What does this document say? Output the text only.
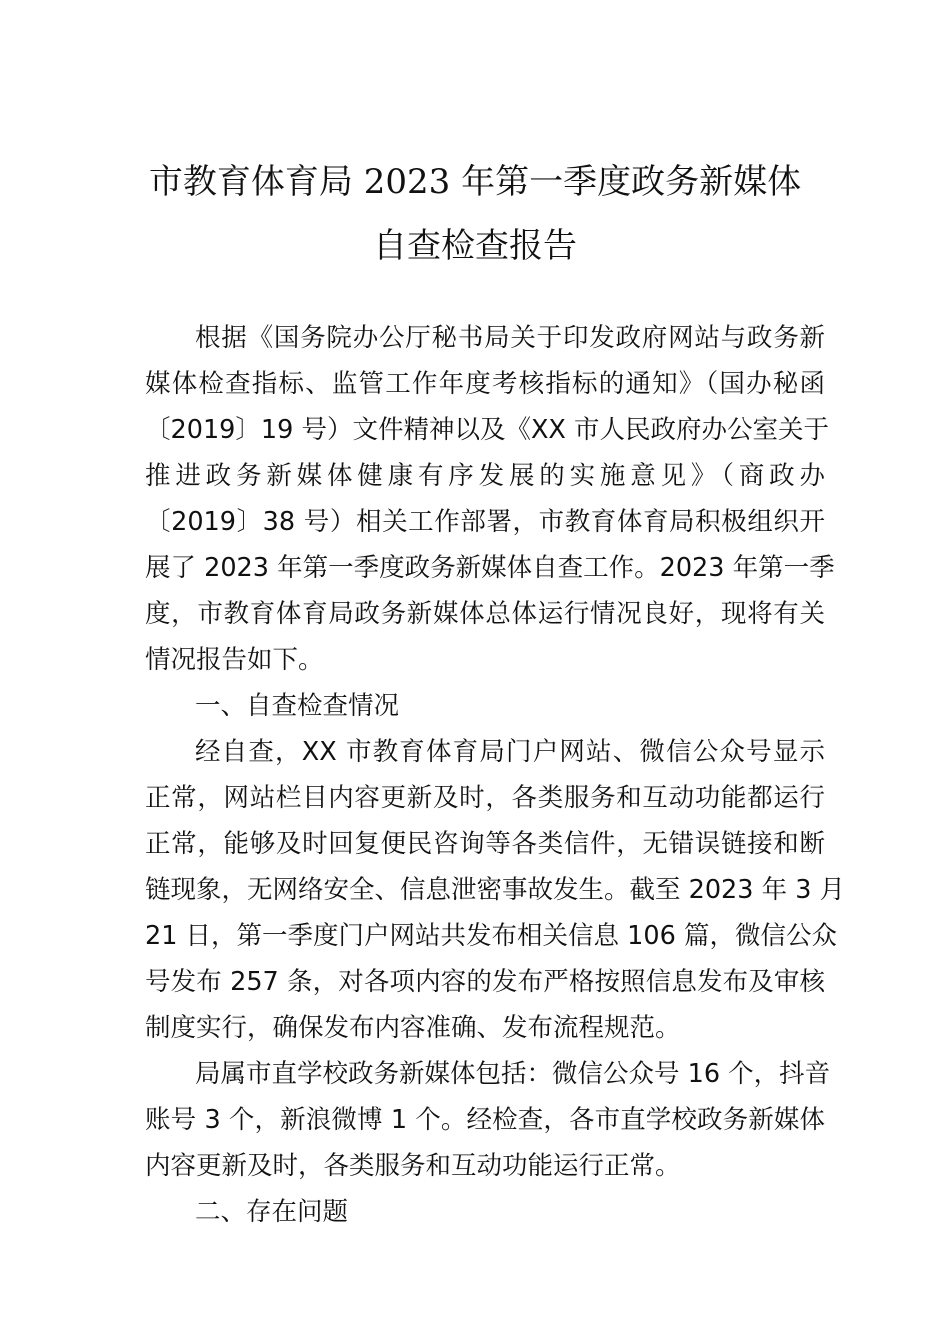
市教育体育局 2023 年第一季度政务新媒体
自查检查报告
根据《国务院办公厅秘书局关于印发政府网站与政务新
媒体检查指标、监管工作年度考核指标的通知》（国办秘函
〔2019〕19 号）文件精神以及《XX 市人民政府办公室关于
推进政务新媒体健康有序发展的实施意见》（商政办
〔2019〕38 号）相关工作部署，市教育体育局积极组织开
展了 2023 年第一季度政务新媒体自查工作。2023 年第一季
度，市教育体育局政务新媒体总体运行情况良好，现将有关
情况报告如下。
一、自查检查情况
经自查，XX 市教育体育局门户网站、微信公众号显示
正常，网站栏目内容更新及时，各类服务和互动功能都运行
正常，能够及时回复便民咨询等各类信件，无错误链接和断
链现象，无网络安全、信息泄密事故发生。截至 2023 年 3 月
21 日，第一季度门户网站共发布相关信息 106 篇，微信公众
号发布 257 条，对各项内容的发布严格按照信息发布及审核
制度实行，确保发布内容准确、发布流程规范。
局属市直学校政务新媒体包括：微信公众号 16 个，抖音
账号 3 个，新浪微博 1 个。经检查，各市直学校政务新媒体
内容更新及时，各类服务和互动功能运行正常。
二、存在问题
